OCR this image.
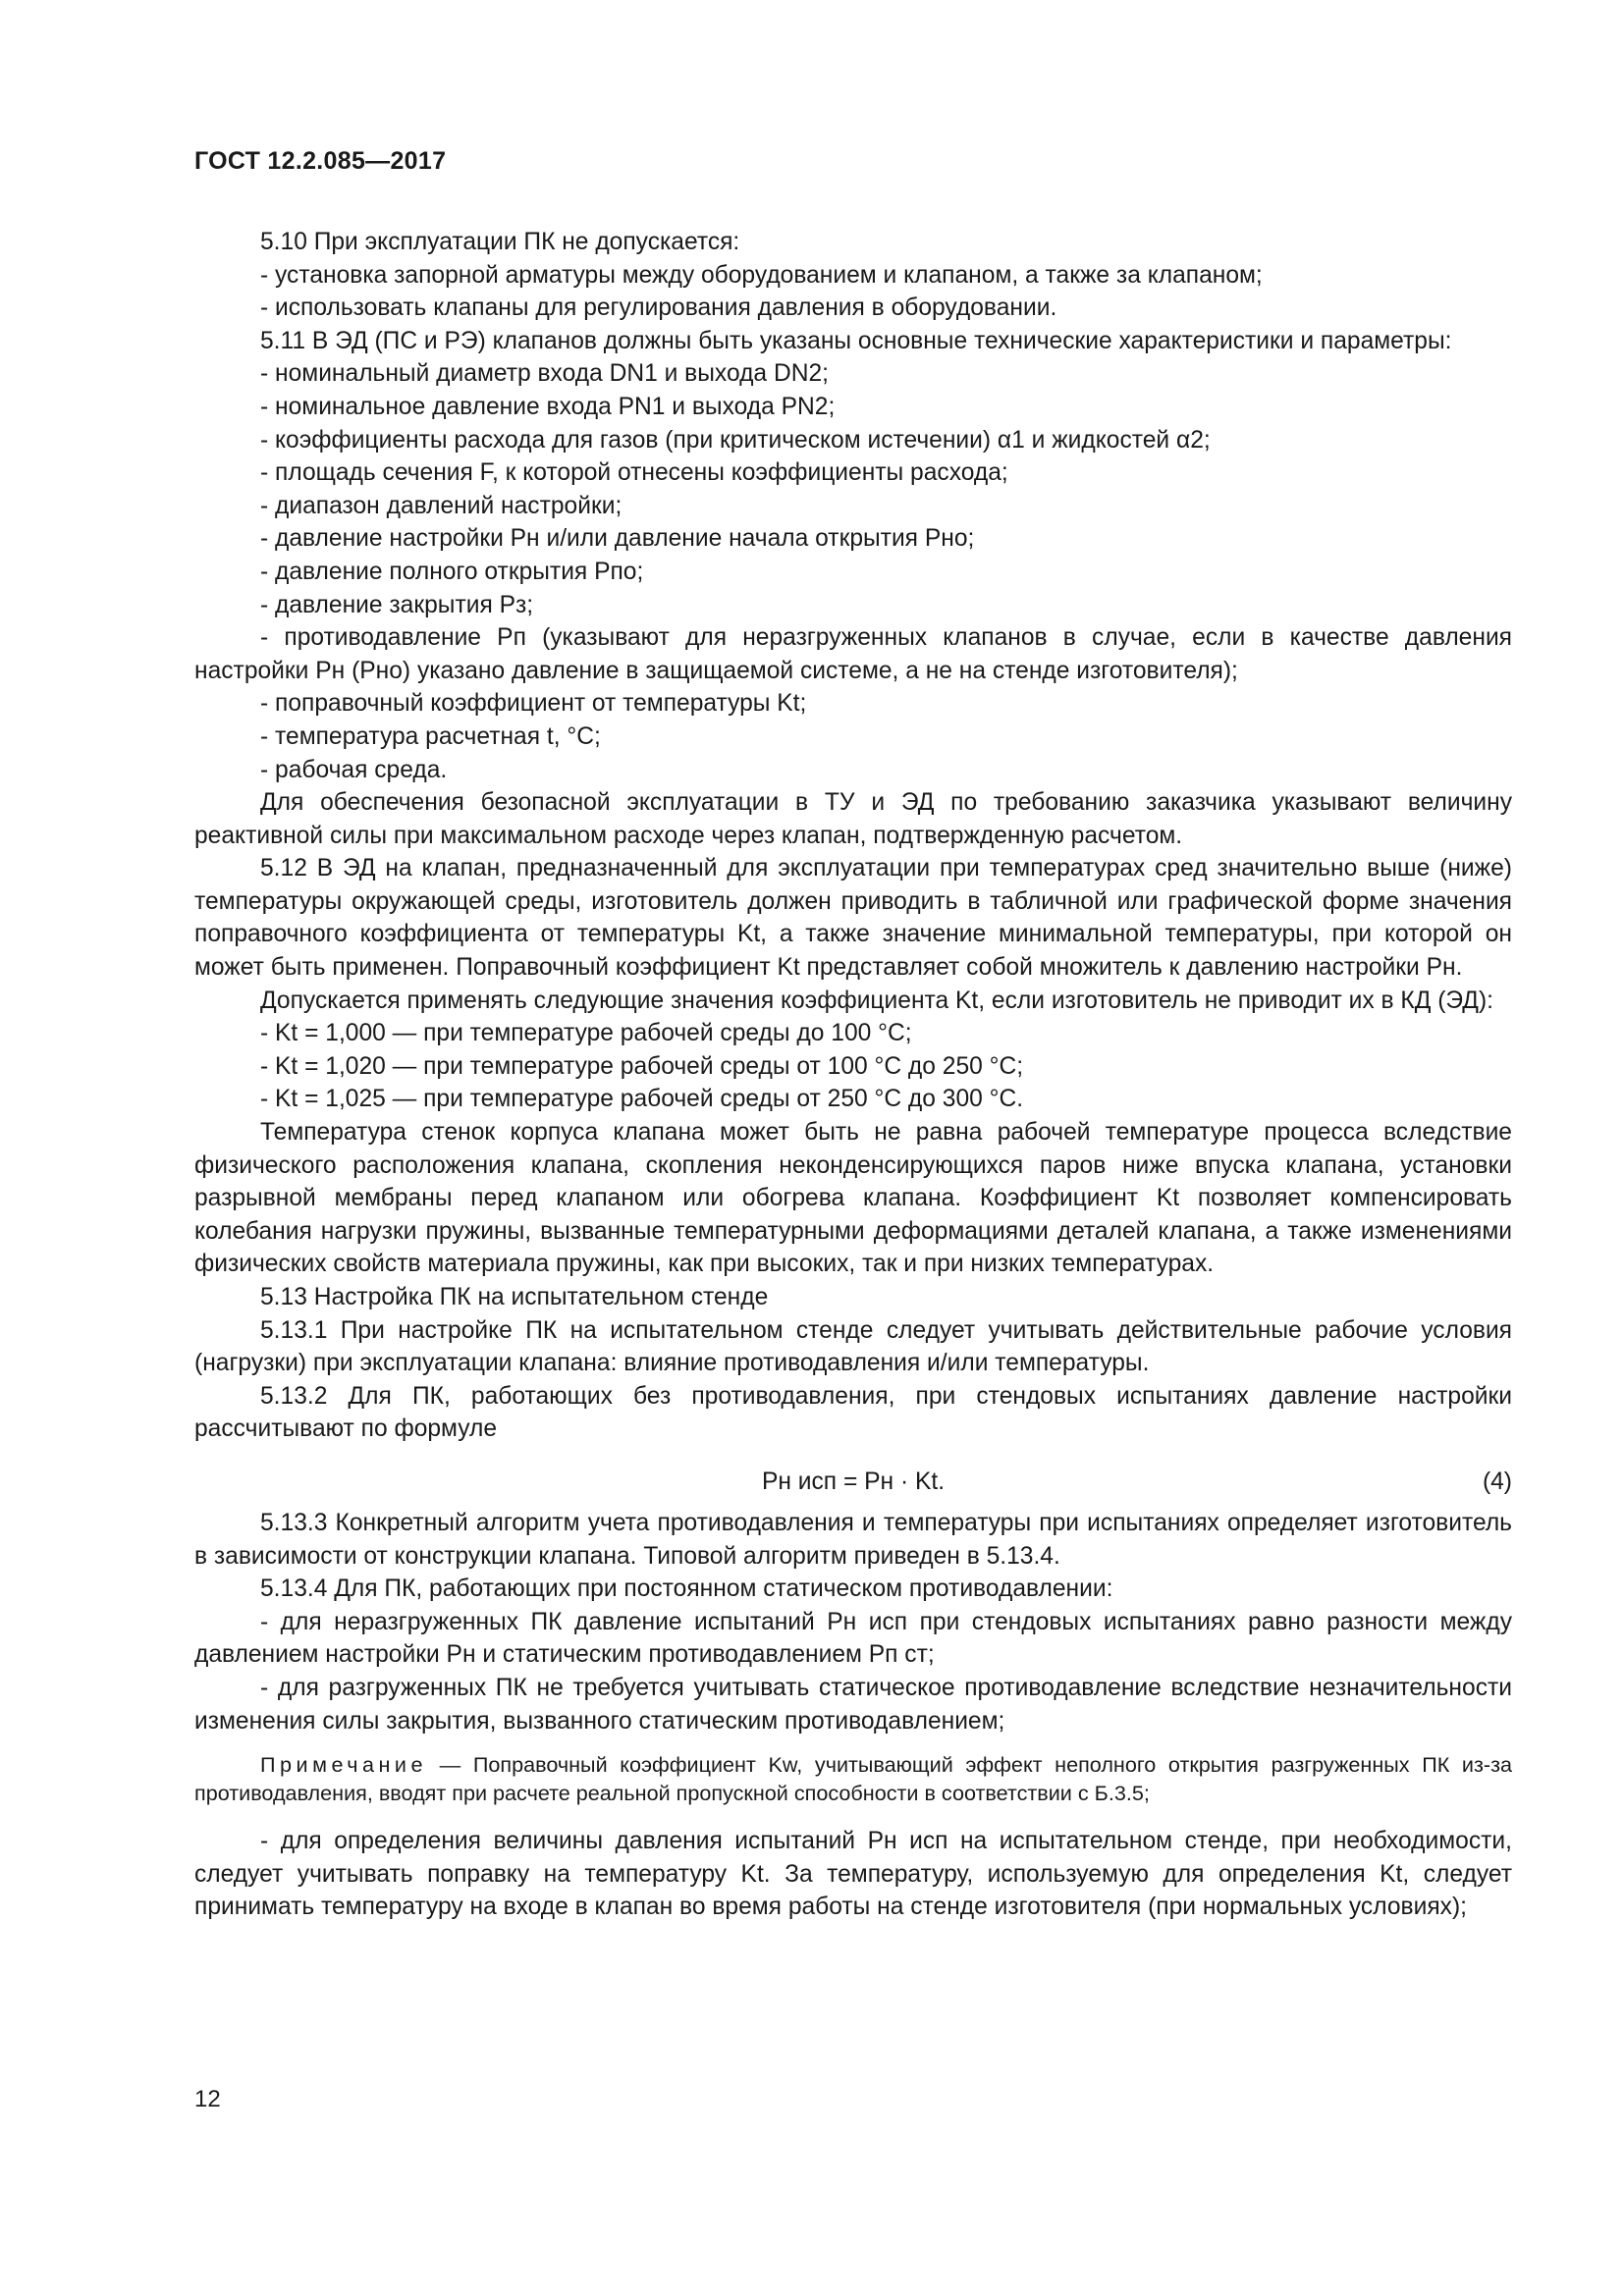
ГОСТ 12.2.085—2017

5.10 При эксплуатации ПК не допускается:

- установка запорной арматуры между оборудованием и клапаном, а также за клапаном;

- использовать клапаны для регулирования давления в оборудовании.

5.11 В ЭД (ПС и РЭ) клапанов должны быть указаны основные технические характеристики и параметры:

- номинальный диаметр входа DN1 и выхода DN2;

- номинальное давление входа PN1 и выхода PN2;

- коэффициенты расхода для газов (при критическом истечении) α1 и жидкостей α2;

- площадь сечения F, к которой отнесены коэффициенты расхода;

- диапазон давлений настройки;

- давление настройки Pн и/или давление начала открытия Pно;

- давление полного открытия Pпо;

- давление закрытия Pз;

- противодавление Pп (указывают для неразгруженных клапанов в случае, если в качестве давления настройки Pн (Pно) указано давление в защищаемой системе, а не на стенде изготовителя);

- поправочный коэффициент от температуры Kt;

- температура расчетная t, °С;

- рабочая среда.

Для обеспечения безопасной эксплуатации в ТУ и ЭД по требованию заказчика указывают величину реактивной силы при максимальном расходе через клапан, подтвержденную расчетом.

5.12 В ЭД на клапан, предназначенный для эксплуатации при температурах сред значительно выше (ниже) температуры окружающей среды, изготовитель должен приводить в табличной или графической форме значения поправочного коэффициента от температуры Kt, а также значение минимальной температуры, при которой он может быть применен. Поправочный коэффициент Kt представляет собой множитель к давлению настройки Pн.

Допускается применять следующие значения коэффициента Kt, если изготовитель не приводит их в КД (ЭД):

- Kt = 1,000 — при температуре рабочей среды до 100 °С;

- Kt = 1,020 — при температуре рабочей среды от 100 °С до 250 °С;

- Kt = 1,025 — при температуре рабочей среды от 250 °С до 300 °С.

Температура стенок корпуса клапана может быть не равна рабочей температуре процесса вследствие физического расположения клапана, скопления неконденсирующихся паров ниже впуска клапана, установки разрывной мембраны перед клапаном или обогрева клапана. Коэффициент Kt позволяет компенсировать колебания нагрузки пружины, вызванные температурными деформациями деталей клапана, а также изменениями физических свойств материала пружины, как при высоких, так и при низких температурах.

5.13 Настройка ПК на испытательном стенде

5.13.1 При настройке ПК на испытательном стенде следует учитывать действительные рабочие условия (нагрузки) при эксплуатации клапана: влияние противодавления и/или температуры.

5.13.2 Для ПК, работающих без противодавления, при стендовых испытаниях давление настройки рассчитывают по формуле

Pн исп = Pн · Kt.	(4)

5.13.3 Конкретный алгоритм учета противодавления и температуры при испытаниях определяет изготовитель в зависимости от конструкции клапана. Типовой алгоритм приведен в 5.13.4.

5.13.4 Для ПК, работающих при постоянном статическом противодавлении:

- для неразгруженных ПК давление испытаний Pн исп при стендовых испытаниях равно разности между давлением настройки Pн и статическим противодавлением Pп ст;

- для разгруженных ПК не требуется учитывать статическое противодавление вследствие незначительности изменения силы закрытия, вызванного статическим противодавлением;

Примечание — Поправочный коэффициент Kw, учитывающий эффект неполного открытия разгруженных ПК из-за противодавления, вводят при расчете реальной пропускной способности в соответствии с Б.3.5;

- для определения величины давления испытаний Pн исп на испытательном стенде, при необходимости, следует учитывать поправку на температуру Kt. За температуру, используемую для определения Kt, следует принимать температуру на входе в клапан во время работы на стенде изготовителя (при нормальных условиях);

12
